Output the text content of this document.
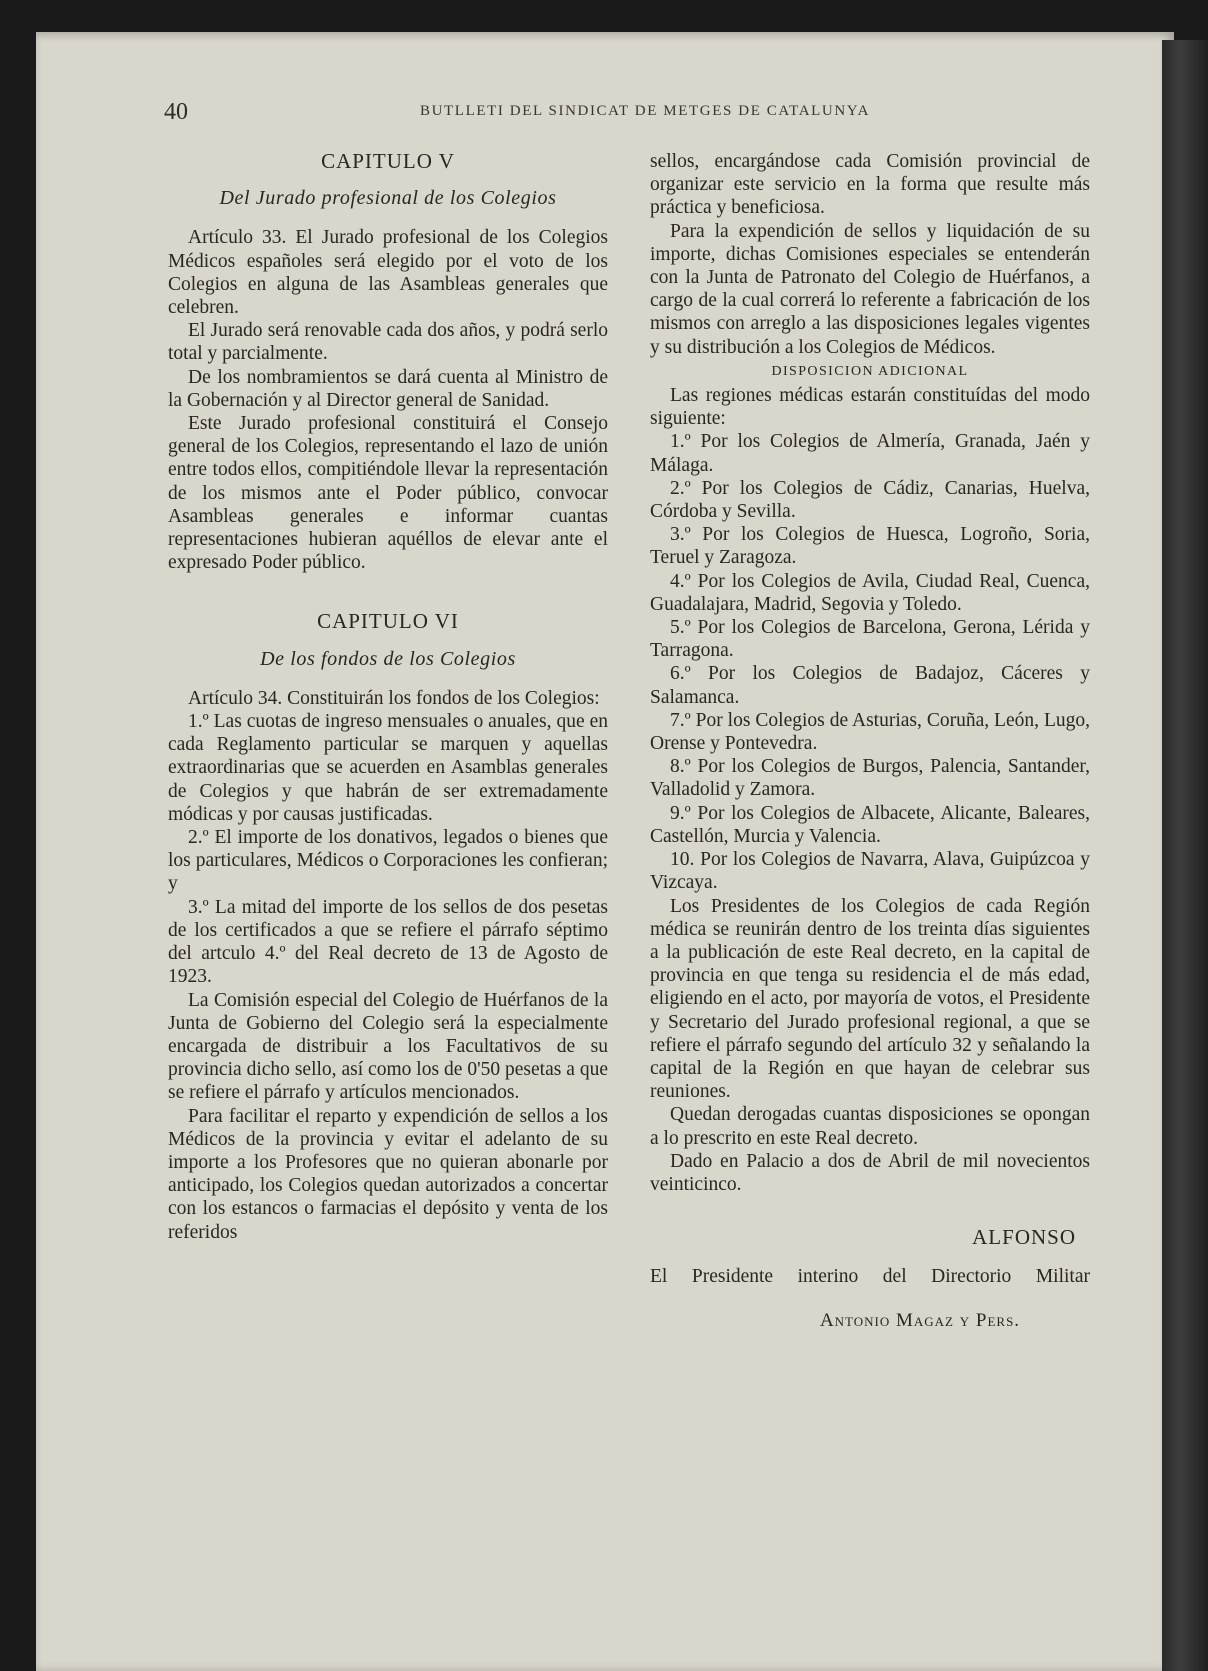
40	BUTLLETI DEL SINDICAT DE METGES DE CATALUNYA
CAPITULO V
Del Jurado profesional de los Colegios

Artículo 33. El Jurado profesional de los Colegios Médicos españoles será elegido por el voto de los Colegios en alguna de las Asambleas generales que celebren.

El Jurado será renovable cada dos años, y podrá serlo total y parcialmente.

De los nombramientos se dará cuenta al Ministro de la Gobernación y al Director general de Sanidad.

Este Jurado profesional constituirá el Consejo general de los Colegios, representando el lazo de unión entre todos ellos, compitiéndole llevar la representación de los mismos ante el Poder público, convocar Asambleas generales e informar cuantas representaciones hubieran aquéllos de elevar ante el expresado Poder público.

CAPITULO VI
De los fondos de los Colegios

Artículo 34. Constituirán los fondos de los Colegios:

1.º Las cuotas de ingreso mensuales o anuales, que en cada Reglamento particular se marquen y aquellas extraordinarias que se acuerden en Asamblas generales de Colegios y que habrán de ser extremadamente módicas y por causas justificadas.

2.º El importe de los donativos, legados o bienes que los particulares, Médicos o Corporaciones les confieran; y

3.º La mitad del importe de los sellos de dos pesetas de los certificados a que se refiere el párrafo séptimo del artculo 4.º del Real decreto de 13 de Agosto de 1923.

La Comisión especial del Colegio de Huérfanos de la Junta de Gobierno del Colegio será la especialmente encargada de distribuir a los Facultativos de su provincia dicho sello, así como los de 0'50 pesetas a que se refiere el párrafo y artículos mencionados.

Para facilitar el reparto y expendición de sellos a los Médicos de la provincia y evitar el adelanto de su importe a los Profesores que no quieran abonarle por anticipado, los Colegios quedan autorizados a concertar con los estancos o farmacias el depósito y venta de los referidos

sellos, encargándose cada Comisión provincial de organizar este servicio en la forma que resulte más práctica y beneficiosa.

Para la expendición de sellos y liquidación de su importe, dichas Comisiones especiales se entenderán con la Junta de Patronato del Colegio de Huérfanos, a cargo de la cual correrá lo referente a fabricación de los mismos con arreglo a las disposiciones legales vigentes y su distribución a los Colegios de Médicos.

DISPOSICION ADICIONAL

Las regiones médicas estarán constituídas del modo siguiente:

1.º Por los Colegios de Almería, Granada, Jaén y Málaga.

2.º Por los Colegios de Cádiz, Canarias, Huelva, Córdoba y Sevilla.

3.º Por los Colegios de Huesca, Logroño, Soria, Teruel y Zaragoza.

4.º Por los Colegios de Avila, Ciudad Real, Cuenca, Guadalajara, Madrid, Segovia y Toledo.

5.º Por los Colegios de Barcelona, Gerona, Lérida y Tarragona.

6.º Por los Colegios de Badajoz, Cáceres y Salamanca.

7.º Por los Colegios de Asturias, Coruña, León, Lugo, Orense y Pontevedra.

8.º Por los Colegios de Burgos, Palencia, Santander, Valladolid y Zamora.

9.º Por los Colegios de Albacete, Alicante, Baleares, Castellón, Murcia y Valencia.

10. Por los Colegios de Navarra, Alava, Guipúzcoa y Vizcaya.

Los Presidentes de los Colegios de cada Región médica se reunirán dentro de los treinta días siguientes a la publicación de este Real decreto, en la capital de provincia en que tenga su residencia el de más edad, eligiendo en el acto, por mayoría de votos, el Presidente y Secretario del Jurado profesional regional, a que se refiere el párrafo segundo del artículo 32 y señalando la capital de la Región en que hayan de celebrar sus reuniones.

Quedan derogadas cuantas disposiciones se opongan a lo prescrito en este Real decreto.

Dado en Palacio a dos de Abril de mil novecientos veinticinco.

ALFONSO
El Presidente interino del Directorio Militar
Antonio Magaz y Pers.
